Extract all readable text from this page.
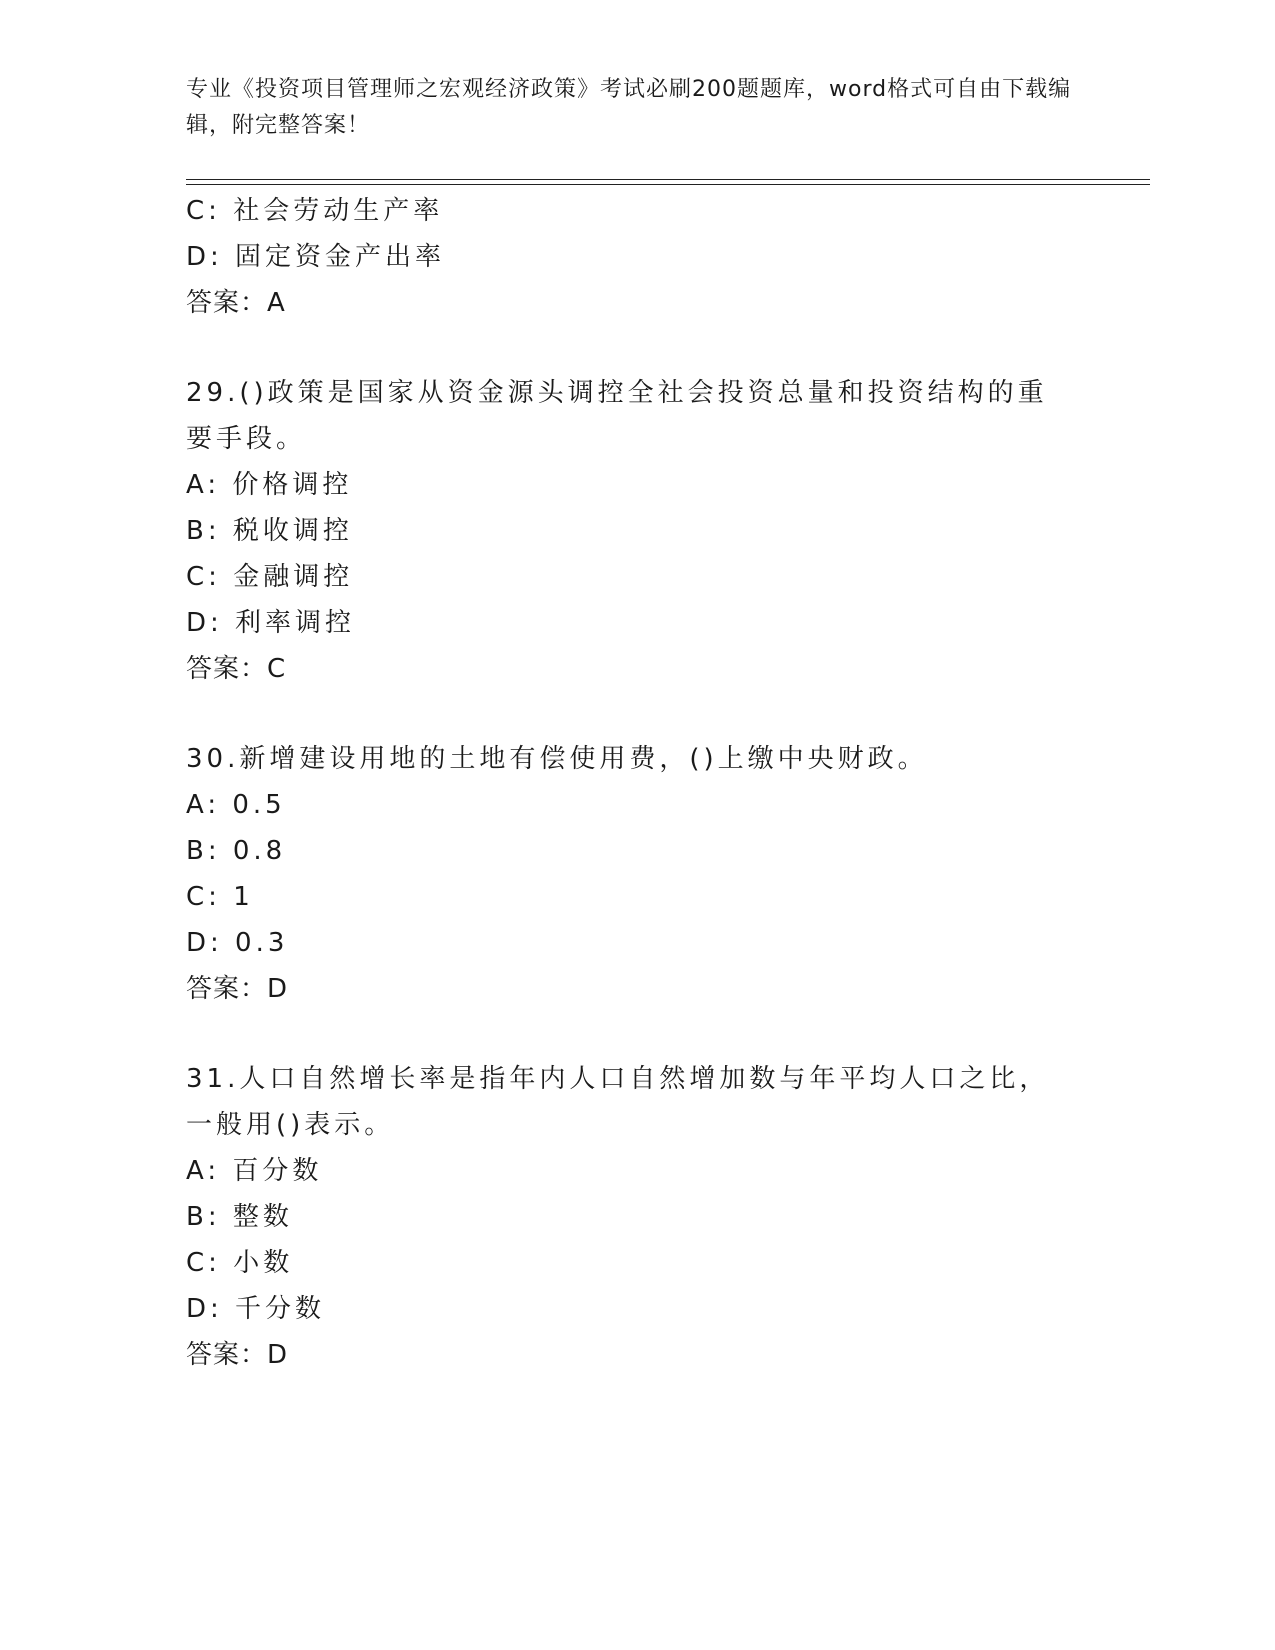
专业《投资项目管理师之宏观经济政策》考试必刷200题题库，word格式可自由下载编辑，附完整答案！
C: 社会劳动生产率
D: 固定资金产出率
答案：A
29.()政策是国家从资金源头调控全社会投资总量和投资结构的重要手段。
A: 价格调控
B: 税收调控
C: 金融调控
D: 利率调控
答案：C
30.新增建设用地的土地有偿使用费，()上缴中央财政。
A: 0.5
B: 0.8
C: 1
D: 0.3
答案：D
31.人口自然增长率是指年内人口自然增加数与年平均人口之比，一般用()表示。
A: 百分数
B: 整数
C: 小数
D: 千分数
答案：D
